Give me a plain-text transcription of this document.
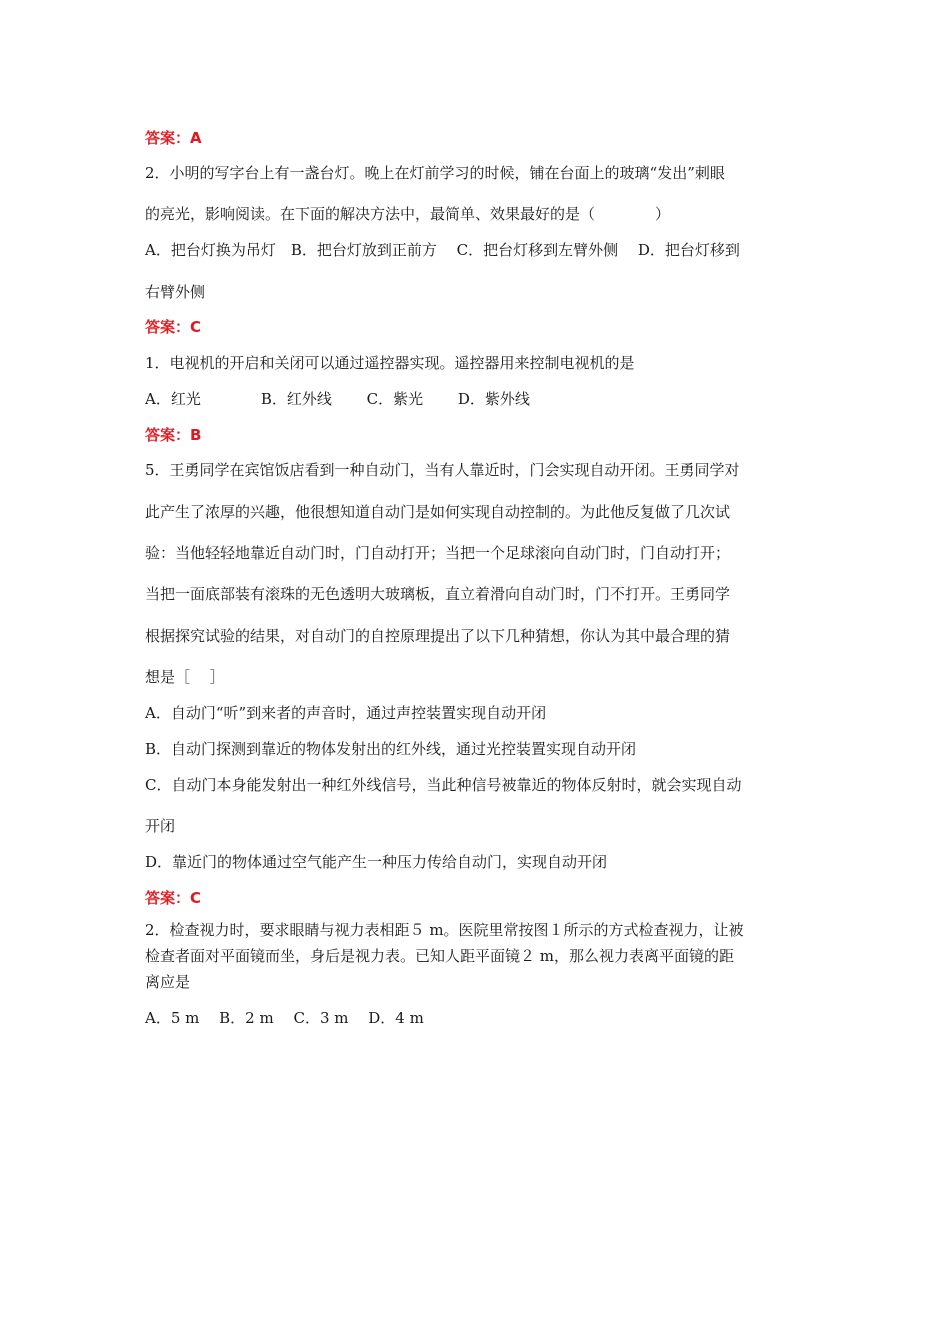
答案：A
2．小明的写字台上有一盏台灯。晚上在灯前学习的时候，铺在台面上的玻璃“发出”刺眼
的亮光，影响阅读。在下面的解决方法中，最简单、效果最好的是（　　　　）
A．把台灯换为吊灯　B．把台灯放到正前方　 C．把台灯移到左臂外侧　 D．把台灯移到
右臂外侧
答案：C
1．电视机的开启和关闭可以通过遥控器实现。遥控器用来控制电视机的是
A．红光　　　　B．红外线　　 C．紫光　　 D．紫外线
答案：B
5．王勇同学在宾馆饭店看到一种自动门，当有人靠近时，门会实现自动开闭。王勇同学对
此产生了浓厚的兴趣，他很想知道自动门是如何实现自动控制的。为此他反复做了几次试
验：当他轻轻地靠近自动门时，门自动打开；当把一个足球滚向自动门时，门自动打开；
当把一面底部装有滚珠的无色透明大玻璃板，直立着滑向自动门时，门不打开。王勇同学
根据探究试验的结果，对自动门的自控原理提出了以下几种猜想，你认为其中最合理的猜
想是［　 ］
A．自动门“听”到来者的声音时，通过声控装置实现自动开闭
B．自动门探测到靠近的物体发射出的红外线，通过光控装置实现自动开闭
C．自动门本身能发射出一种红外线信号，当此种信号被靠近的物体反射时，就会实现自动
开闭
D．靠近门的物体通过空气能产生一种压力传给自动门，实现自动开闭
答案：C
2．检查视力时，要求眼睛与视力表相距５ m。医院里常按图１所示的方式检查视力，让被
检查者面对平面镜而坐，身后是视力表。已知人距平面镜２ m，那么视力表离平面镜的距
离应是
A．5 m　 B．2 m　 C．3 m　 D．4 m
